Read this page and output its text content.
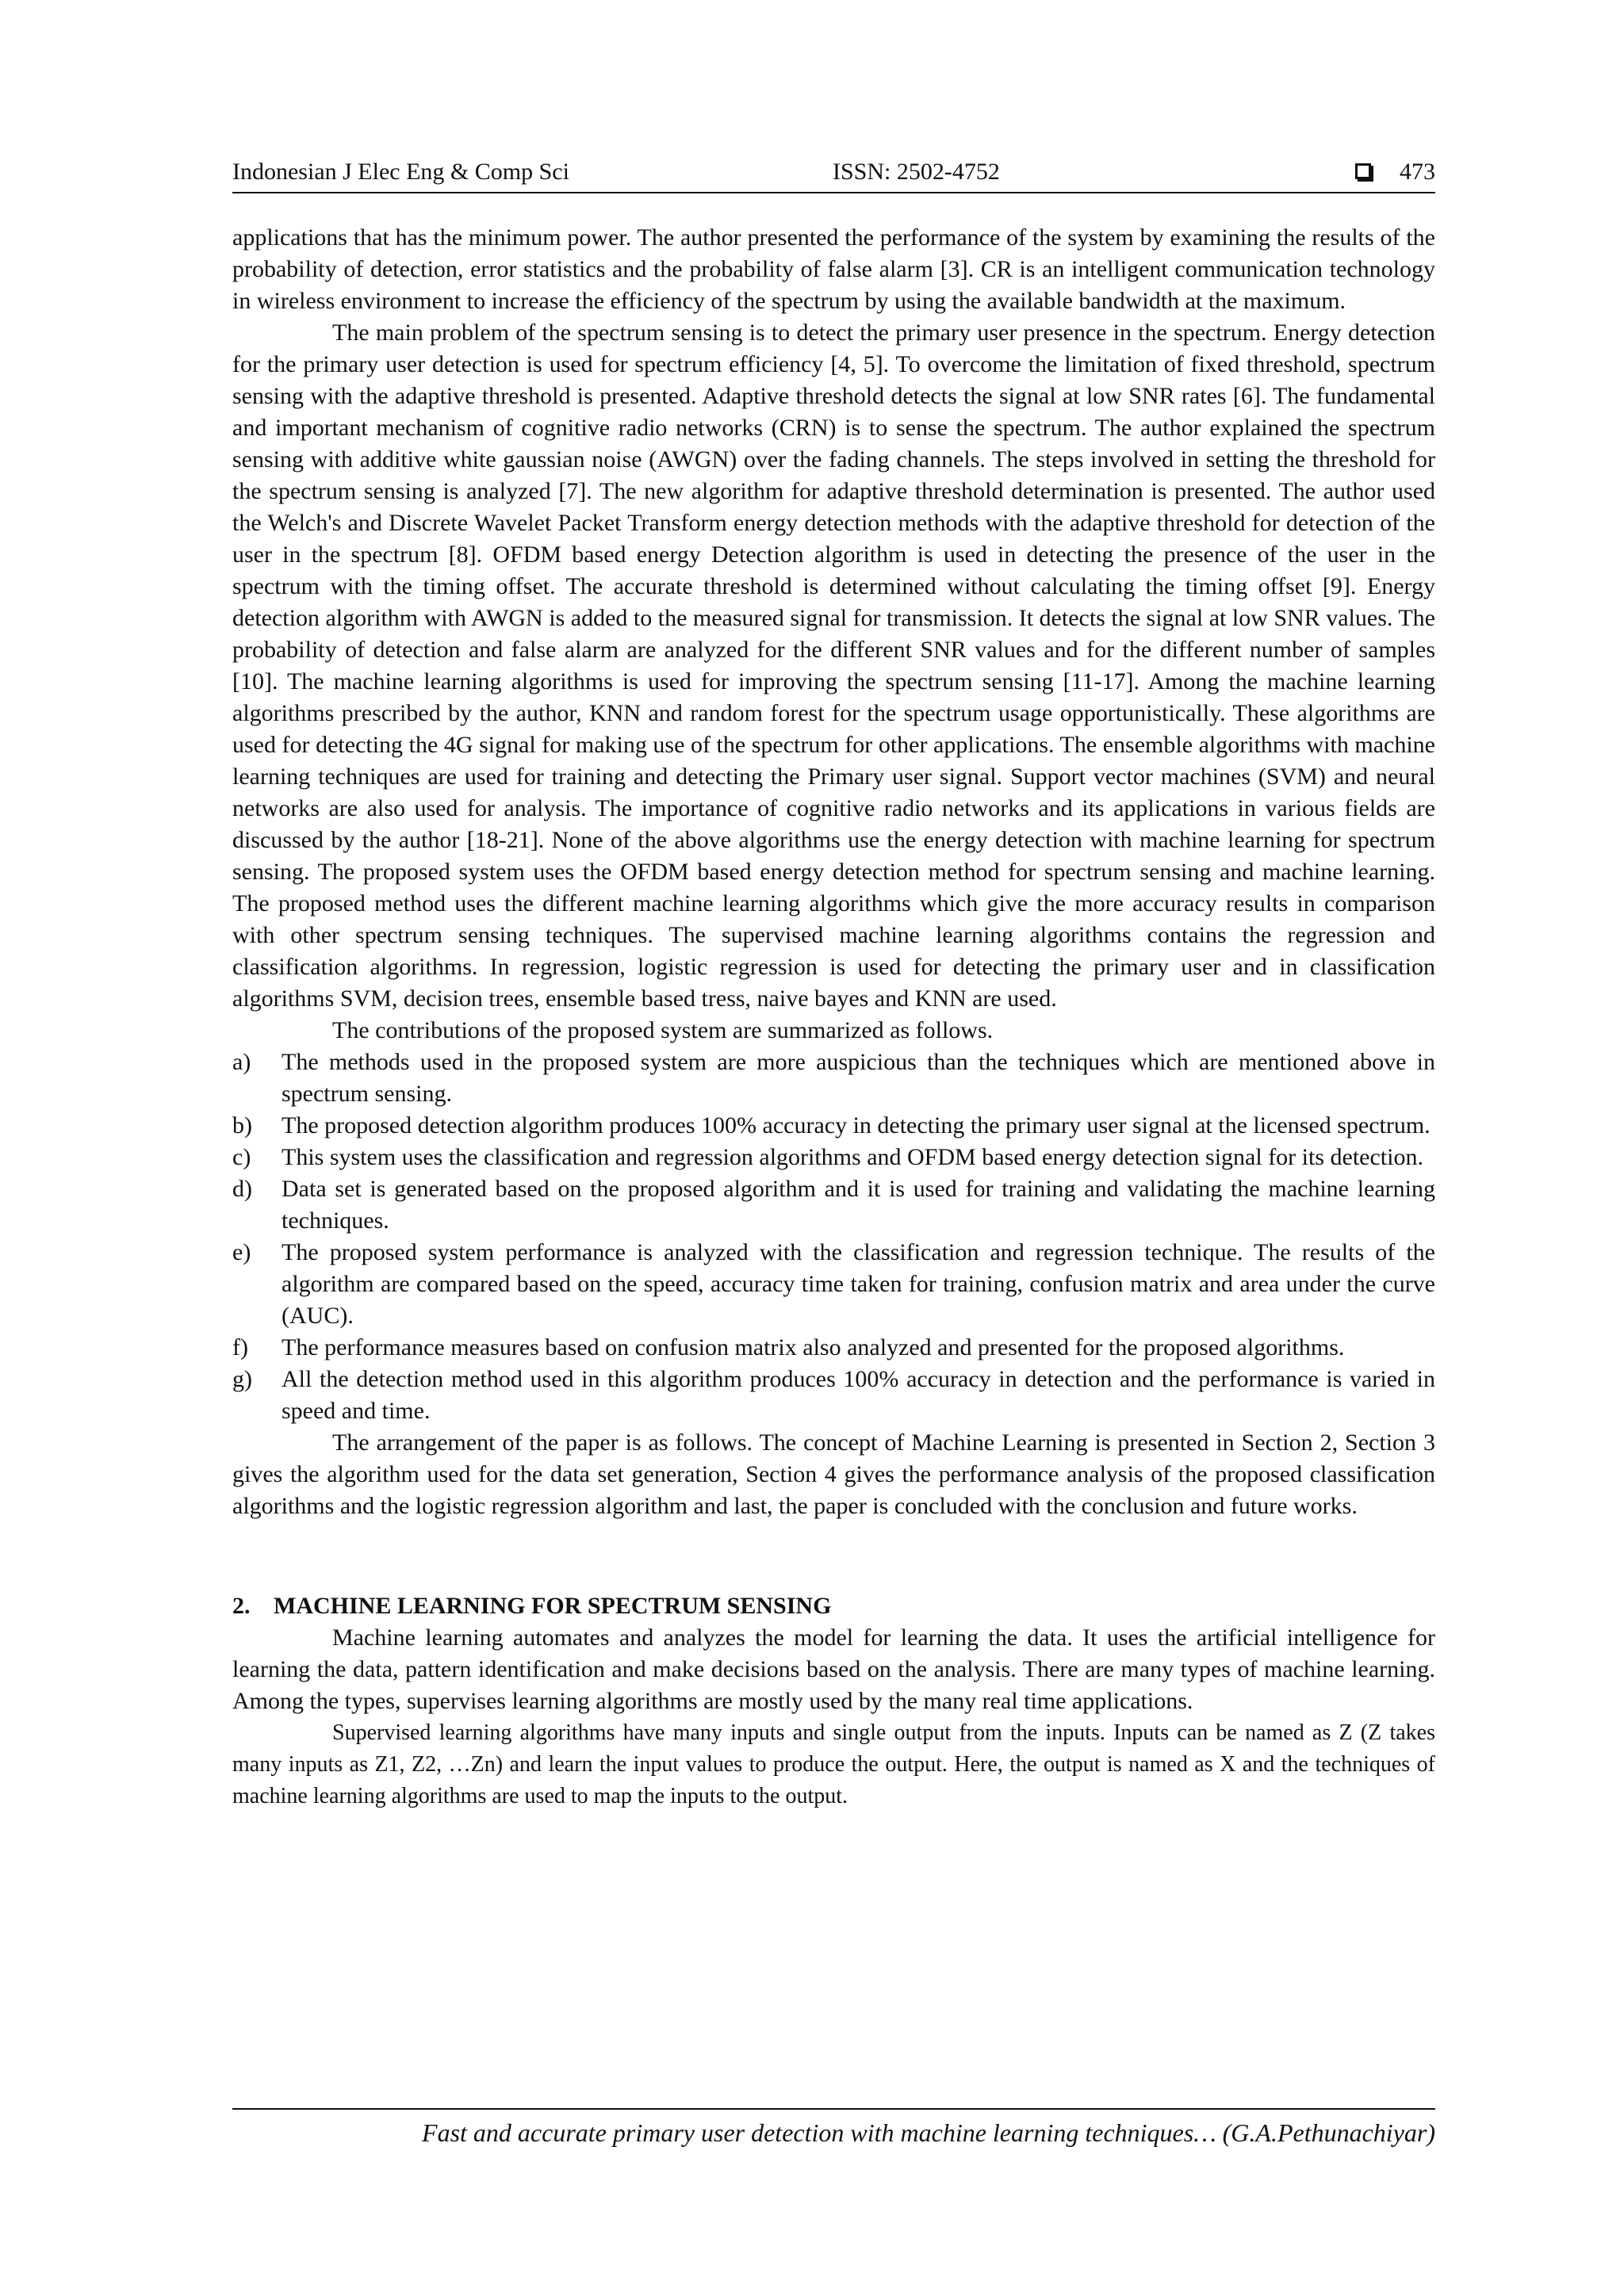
Indonesian J Elec Eng & Comp Sci	ISSN: 2502-4752	473

applications that has the minimum power. The author presented the performance of the system by examining the results of the probability of detection, error statistics and the probability of false alarm [3]. CR is an intelligent communication technology in wireless environment to increase the efficiency of the spectrum by using the available bandwidth at the maximum.

The main problem of the spectrum sensing is to detect the primary user presence in the spectrum. Energy detection for the primary user detection is used for spectrum efficiency [4, 5]. To overcome the limitation of fixed threshold, spectrum sensing with the adaptive threshold is presented. Adaptive threshold detects the signal at low SNR rates [6]. The fundamental and important mechanism of cognitive radio networks (CRN) is to sense the spectrum. The author explained the spectrum sensing with additive white gaussian noise (AWGN) over the fading channels. The steps involved in setting the threshold for the spectrum sensing is analyzed [7]. The new algorithm for adaptive threshold determination is presented. The author used the Welch's and Discrete Wavelet Packet Transform energy detection methods with the adaptive threshold for detection of the user in the spectrum [8]. OFDM based energy Detection algorithm is used in detecting the presence of the user in the spectrum with the timing offset. The accurate threshold is determined without calculating the timing offset [9]. Energy detection algorithm with AWGN is added to the measured signal for transmission. It detects the signal at low SNR values. The probability of detection and false alarm are analyzed for the different SNR values and for the different number of samples [10]. The machine learning algorithms is used for improving the spectrum sensing [11-17]. Among the machine learning algorithms prescribed by the author, KNN and random forest for the spectrum usage opportunistically. These algorithms are used for detecting the 4G signal for making use of the spectrum for other applications. The ensemble algorithms with machine learning techniques are used for training and detecting the Primary user signal. Support vector machines (SVM) and neural networks are also used for analysis. The importance of cognitive radio networks and its applications in various fields are discussed by the author [18-21]. None of the above algorithms use the energy detection with machine learning for spectrum sensing. The proposed system uses the OFDM based energy detection method for spectrum sensing and machine learning. The proposed method uses the different machine learning algorithms which give the more accuracy results in comparison with other spectrum sensing techniques. The supervised machine learning algorithms contains the regression and classification algorithms. In regression, logistic regression is used for detecting the primary user and in classification algorithms SVM, decision trees, ensemble based tress, naive bayes and KNN are used.

The contributions of the proposed system are summarized as follows.

a) The methods used in the proposed system are more auspicious than the techniques which are mentioned above in spectrum sensing.
b) The proposed detection algorithm produces 100% accuracy in detecting the primary user signal at the licensed spectrum.
c) This system uses the classification and regression algorithms and OFDM based energy detection signal for its detection.
d) Data set is generated based on the proposed algorithm and it is used for training and validating the machine learning techniques.
e) The proposed system performance is analyzed with the classification and regression technique. The results of the algorithm are compared based on the speed, accuracy time taken for training, confusion matrix and area under the curve (AUC).
f) The performance measures based on confusion matrix also analyzed and presented for the proposed algorithms.
g) All the detection method used in this algorithm produces 100% accuracy in detection and the performance is varied in speed and time.

The arrangement of the paper is as follows. The concept of Machine Learning is presented in Section 2, Section 3 gives the algorithm used for the data set generation, Section 4 gives the performance analysis of the proposed classification algorithms and the logistic regression algorithm and last, the paper is concluded with the conclusion and future works.

2. MACHINE LEARNING FOR SPECTRUM SENSING

Machine learning automates and analyzes the model for learning the data. It uses the artificial intelligence for learning the data, pattern identification and make decisions based on the analysis. There are many types of machine learning. Among the types, supervises learning algorithms are mostly used by the many real time applications.

Supervised learning algorithms have many inputs and single output from the inputs. Inputs can be named as Z (Z takes many inputs as Z1, Z2, …Zn) and learn the input values to produce the output. Here, the output is named as X and the techniques of machine learning algorithms are used to map the inputs to the output.

Fast and accurate primary user detection with machine learning techniques… (G.A.Pethunachiyar)
